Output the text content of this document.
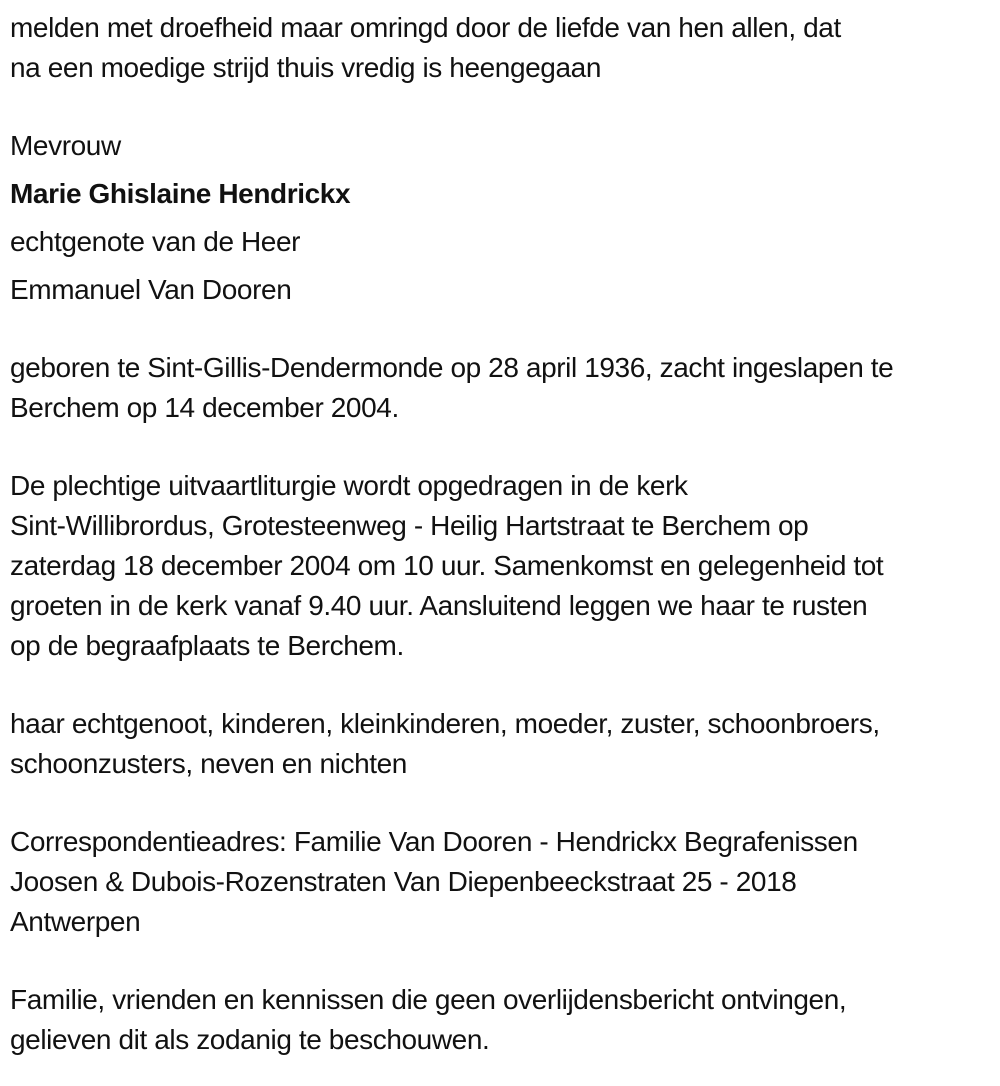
melden met droefheid maar omringd door de liefde van hen allen, dat
na een moedige strijd thuis vredig is heengegaan
Mevrouw
Marie Ghislaine Hendrickx
echtgenote van de Heer
Emmanuel Van Dooren
geboren te Sint-Gillis-Dendermonde op 28 april 1936, zacht ingeslapen te
Berchem op 14 december 2004.
De plechtige uitvaartliturgie wordt opgedragen in de kerk
Sint-Willibrordus, Grotesteenweg - Heilig Hartstraat te Berchem op
zaterdag 18 december 2004 om 10 uur. Samenkomst en gelegenheid tot
groeten in de kerk vanaf 9.40 uur. Aansluitend leggen we haar te rusten
op de begraafplaats te Berchem.
haar echtgenoot, kinderen, kleinkinderen, moeder, zuster, schoonbroers,
schoonzusters, neven en nichten
Correspondentieadres: Familie Van Dooren - Hendrickx Begrafenissen
Joosen & Dubois-Rozenstraten Van Diepenbeeckstraat 25 - 2018
Antwerpen
Familie, vrienden en kennissen die geen overlijdensbericht ontvingen,
gelieven dit als zodanig te beschouwen.
